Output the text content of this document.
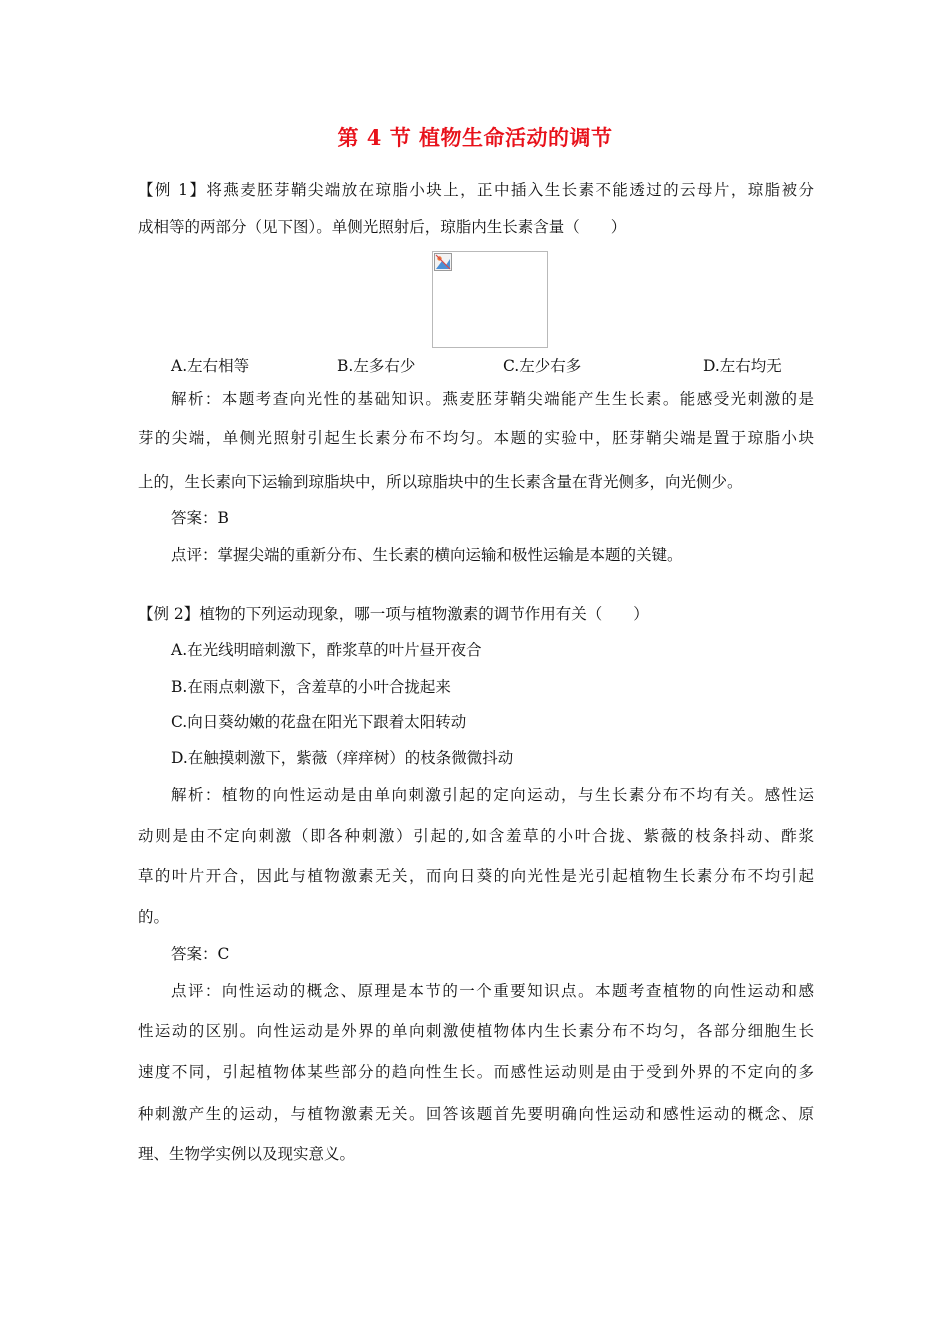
第 4 节 植物生命活动的调节
【例 1】将燕麦胚芽鞘尖端放在琼脂小块上，正中插入生长素不能透过的云母片，琼脂被分
成相等的两部分（见下图）。单侧光照射后，琼脂内生长素含量（　　）
A.左右相等	B.左多右少	C.左少右多	D.左右均无
解析：本题考查向光性的基础知识。燕麦胚芽鞘尖端能产生生长素。能感受光刺激的是
芽的尖端，单侧光照射引起生长素分布不均匀。本题的实验中，胚芽鞘尖端是置于琼脂小块
上的，生长素向下运输到琼脂块中，所以琼脂块中的生长素含量在背光侧多，向光侧少。
答案：B
点评：掌握尖端的重新分布、生长素的横向运输和极性运输是本题的关键。
【例 2】植物的下列运动现象，哪一项与植物激素的调节作用有关（　　）
A.在光线明暗刺激下，酢浆草的叶片昼开夜合
B.在雨点刺激下，含羞草的小叶合拢起来
C.向日葵幼嫩的花盘在阳光下跟着太阳转动
D.在触摸刺激下，紫薇（痒痒树）的枝条微微抖动
解析：植物的向性运动是由单向刺激引起的定向运动，与生长素分布不均有关。感性运
动则是由不定向刺激（即各种刺激）引起的,如含羞草的小叶合拢、紫薇的枝条抖动、酢浆
草的叶片开合，因此与植物激素无关，而向日葵的向光性是光引起植物生长素分布不均引起
的。
答案：C
点评：向性运动的概念、原理是本节的一个重要知识点。本题考查植物的向性运动和感
性运动的区别。向性运动是外界的单向刺激使植物体内生长素分布不均匀，各部分细胞生长
速度不同，引起植物体某些部分的趋向性生长。而感性运动则是由于受到外界的不定向的多
种刺激产生的运动，与植物激素无关。回答该题首先要明确向性运动和感性运动的概念、原
理、生物学实例以及现实意义。
